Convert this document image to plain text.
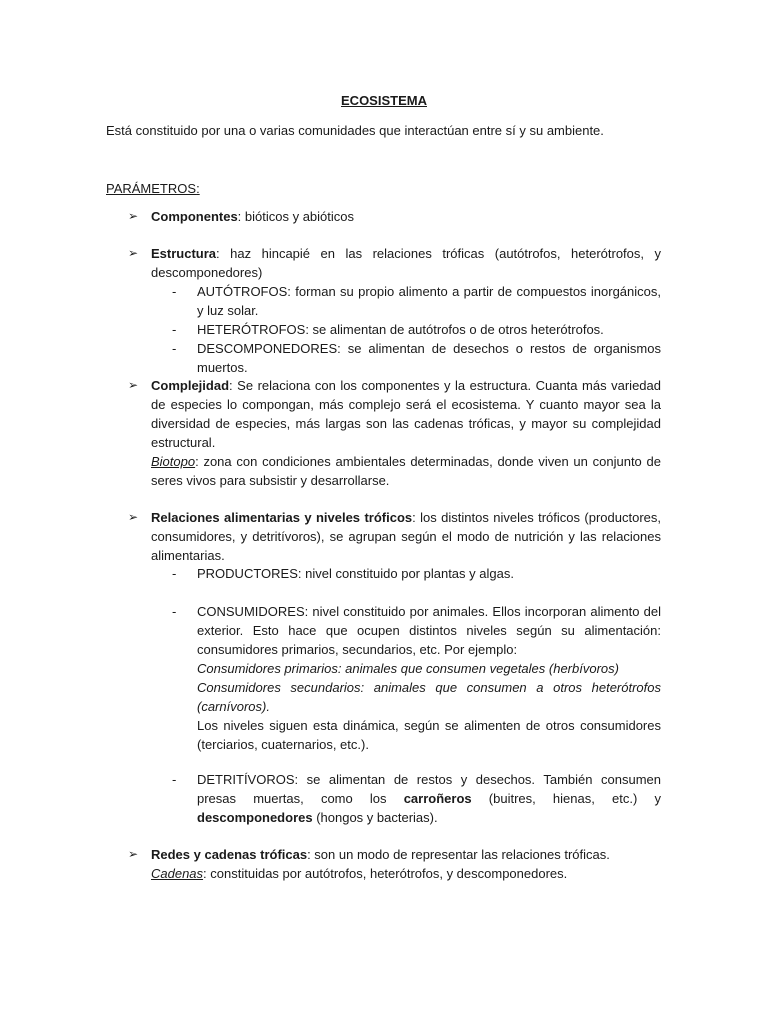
ECOSISTEMA
Está constituido por una o varias comunidades que interactúan entre sí y su ambiente.
PARÁMETROS:
➢ Componentes: bióticos y abióticos
➢ Estructura: haz hincapié en las relaciones tróficas (autótrofos, heterótrofos, y descomponedores)
- AUTÓTROFOS: forman su propio alimento a partir de compuestos inorgánicos, y luz solar.
- HETERÓTROFOS: se alimentan de autótrofos o de otros heterótrofos.
- DESCOMPONEDORES: se alimentan de desechos o restos de organismos muertos.
➢ Complejidad: Se relaciona con los componentes y la estructura. Cuanta más variedad de especies lo compongan, más complejo será el ecosistema. Y cuanto mayor sea la diversidad de especies, más largas son las cadenas tróficas, y mayor su complejidad estructural.
Biotopo: zona con condiciones ambientales determinadas, donde viven un conjunto de seres vivos para subsistir y desarrollarse.
➢ Relaciones alimentarias y niveles tróficos: los distintos niveles tróficos (productores, consumidores, y detritívoros), se agrupan según el modo de nutrición y las relaciones alimentarias.
- PRODUCTORES: nivel constituido por plantas y algas.
- CONSUMIDORES: nivel constituido por animales. Ellos incorporan alimento del exterior. Esto hace que ocupen distintos niveles según su alimentación: consumidores primarios, secundarios, etc. Por ejemplo:
Consumidores primarios: animales que consumen vegetales (herbívoros)
Consumidores secundarios: animales que consumen a otros heterótrofos (carnívoros).
Los niveles siguen esta dinámica, según se alimenten de otros consumidores (terciarios, cuaternarios, etc.).
- DETRITÍVOROS: se alimentan de restos y desechos. También consumen presas muertas, como los carroñeros (buitres, hienas, etc.) y descomponedores (hongos y bacterias).
➢ Redes y cadenas tróficas: son un modo de representar las relaciones tróficas.
Cadenas: constituidas por autótrofos, heterótrofos, y descomponedores.
